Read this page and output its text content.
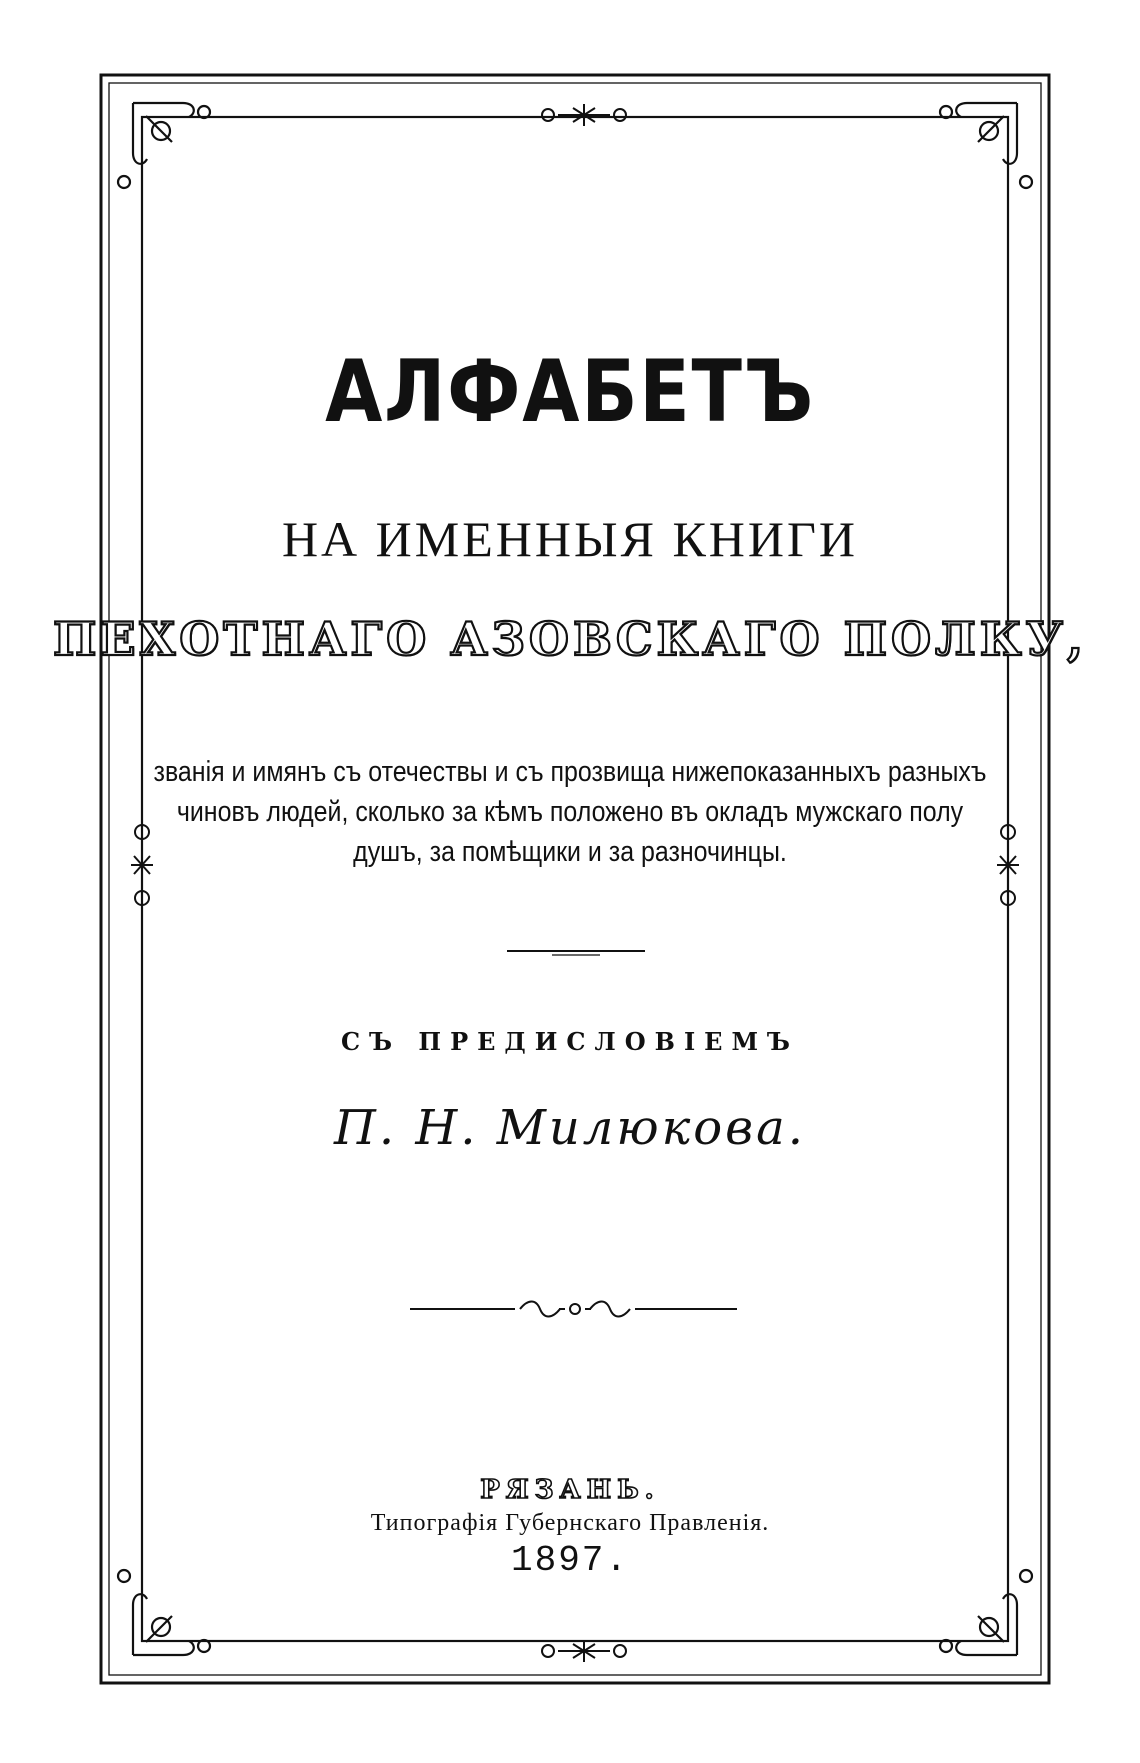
АЛФАБЕТЪ
НА ИМЕННЫЯ КНИГИ
ПЕХОТНАГО АЗОВСКАГО ПОЛКУ,
званія и имянъ съ отечествы и съ прозвища нижепоказанныхъ разныхъ
чиновъ людей, сколько за кѣмъ положено въ окладъ мужскаго полу
душъ, за помѣщики и за разночинцы.
СЪ ПРЕДИСЛОВІЕМЪ
П. Н. Милюкова.
РЯЗАНЬ.
Типографія Губернскаго Правленія.
1897.
